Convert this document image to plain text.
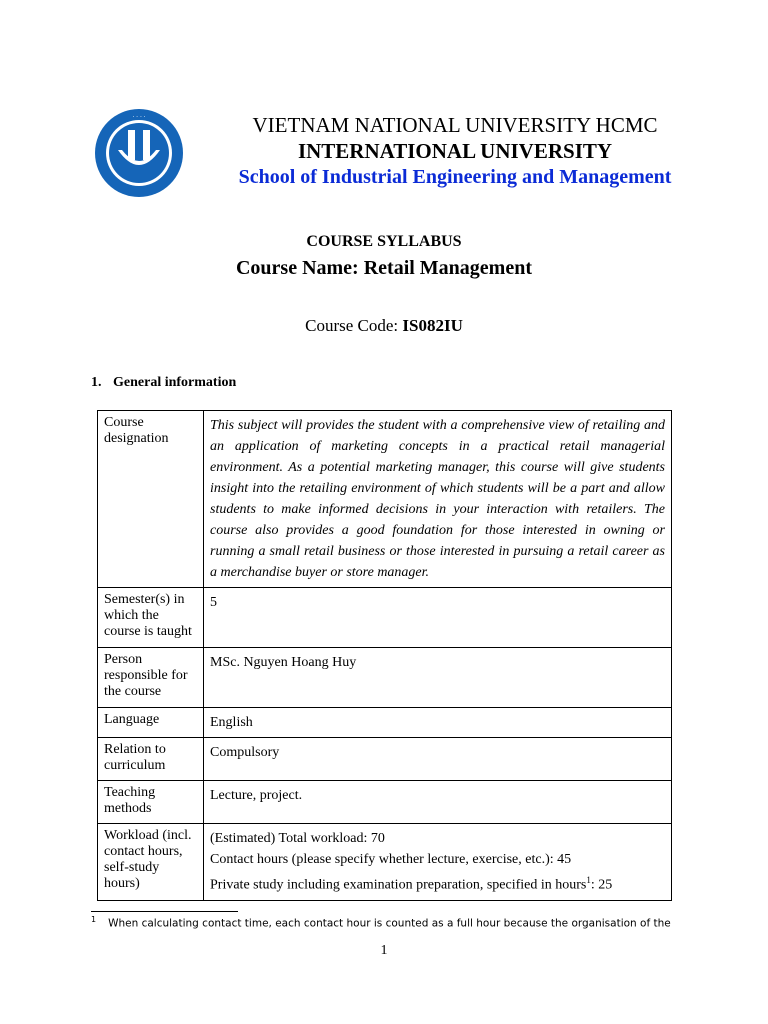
· · · ·	VIETNAM NATIONAL UNIVERSITY HCMC
INTERNATIONAL UNIVERSITY
School of Industrial Engineering and Management
COURSE SYLLABUS
Course Name: Retail Management
Course Code: IS082IU
1. General information
Course designation	This subject will provides the student with a comprehensive view of retailing and an application of marketing concepts in a practical retail managerial environment. As a potential marketing manager, this course will give students insight into the retailing environment of which students will be a part and allow students to make informed decisions in your interaction with retailers. The course also provides a good foundation for those interested in owning or running a small retail business or those interested in pursuing a retail career as a merchandise buyer or store manager.
Semester(s) in which the course is taught	5
Person responsible for the course	MSc. Nguyen Hoang Huy
Language	English
Relation to curriculum	Compulsory
Teaching methods	Lecture, project.
Workload (incl. contact hours, self-study hours)	(Estimated) Total workload: 70
Contact hours (please specify whether lecture, exercise, etc.): 45
Private study including examination preparation, specified in hours$^1$: 25
$^1$ When calculating contact time, each contact hour is counted as a full hour because the organisation of the
1
